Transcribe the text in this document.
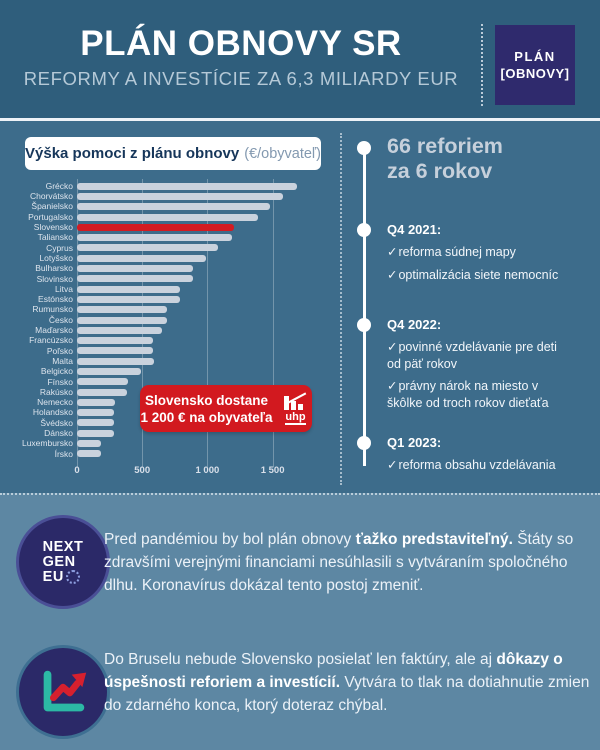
PLÁN OBNOVY SR
REFORMY A INVESTÍCIE ZA 6,3 MILIARDY EUR
PLÁN
[OBNOVY]
Výška pomoci z plánu obnovy (€/obyvateľ)
Grécko
Chorvátsko
Španielsko
Portugalsko
Slovensko
Taliansko
Cyprus
Lotyšsko
Bulharsko
Slovinsko
Litva
Estónsko
Rumunsko
Česko
Maďarsko
Francúzsko
Poľsko
Malta
Belgicko
Fínsko
Rakúsko
Nemecko
Holandsko
Švédsko
Dánsko
Luxembursko
Írsko
0	500	1 000	1 500
Slovensko dostane
1 200 € na obyvateľa uhp
66 reforiem
za 6 rokov
Q4 2021:
✓reforma súdnej mapy
✓optimalizácia siete nemocníc
Q4 2022:
✓povinné vzdelávanie pre deti od päť rokov
✓právny nárok na miesto v škôlke od troch rokov dieťaťa
Q1 2023:
✓reforma obsahu vzdelávania
NEXT
GEN
EU
Pred pandémiou by bol plán obnovy ťažko predstaviteľný. Štáty so zdravšími verejnými financiami nesúhlasili s vytváraním spoločného dlhu. Koronavírus dokázal tento postoj zmeniť.
Do Bruselu nebude Slovensko posielať len faktúry, ale aj dôkazy o úspešnosti reforiem a investícií. Vytvára to tlak na dotiahnutie zmien do zdarného konca, ktorý doteraz chýbal.
